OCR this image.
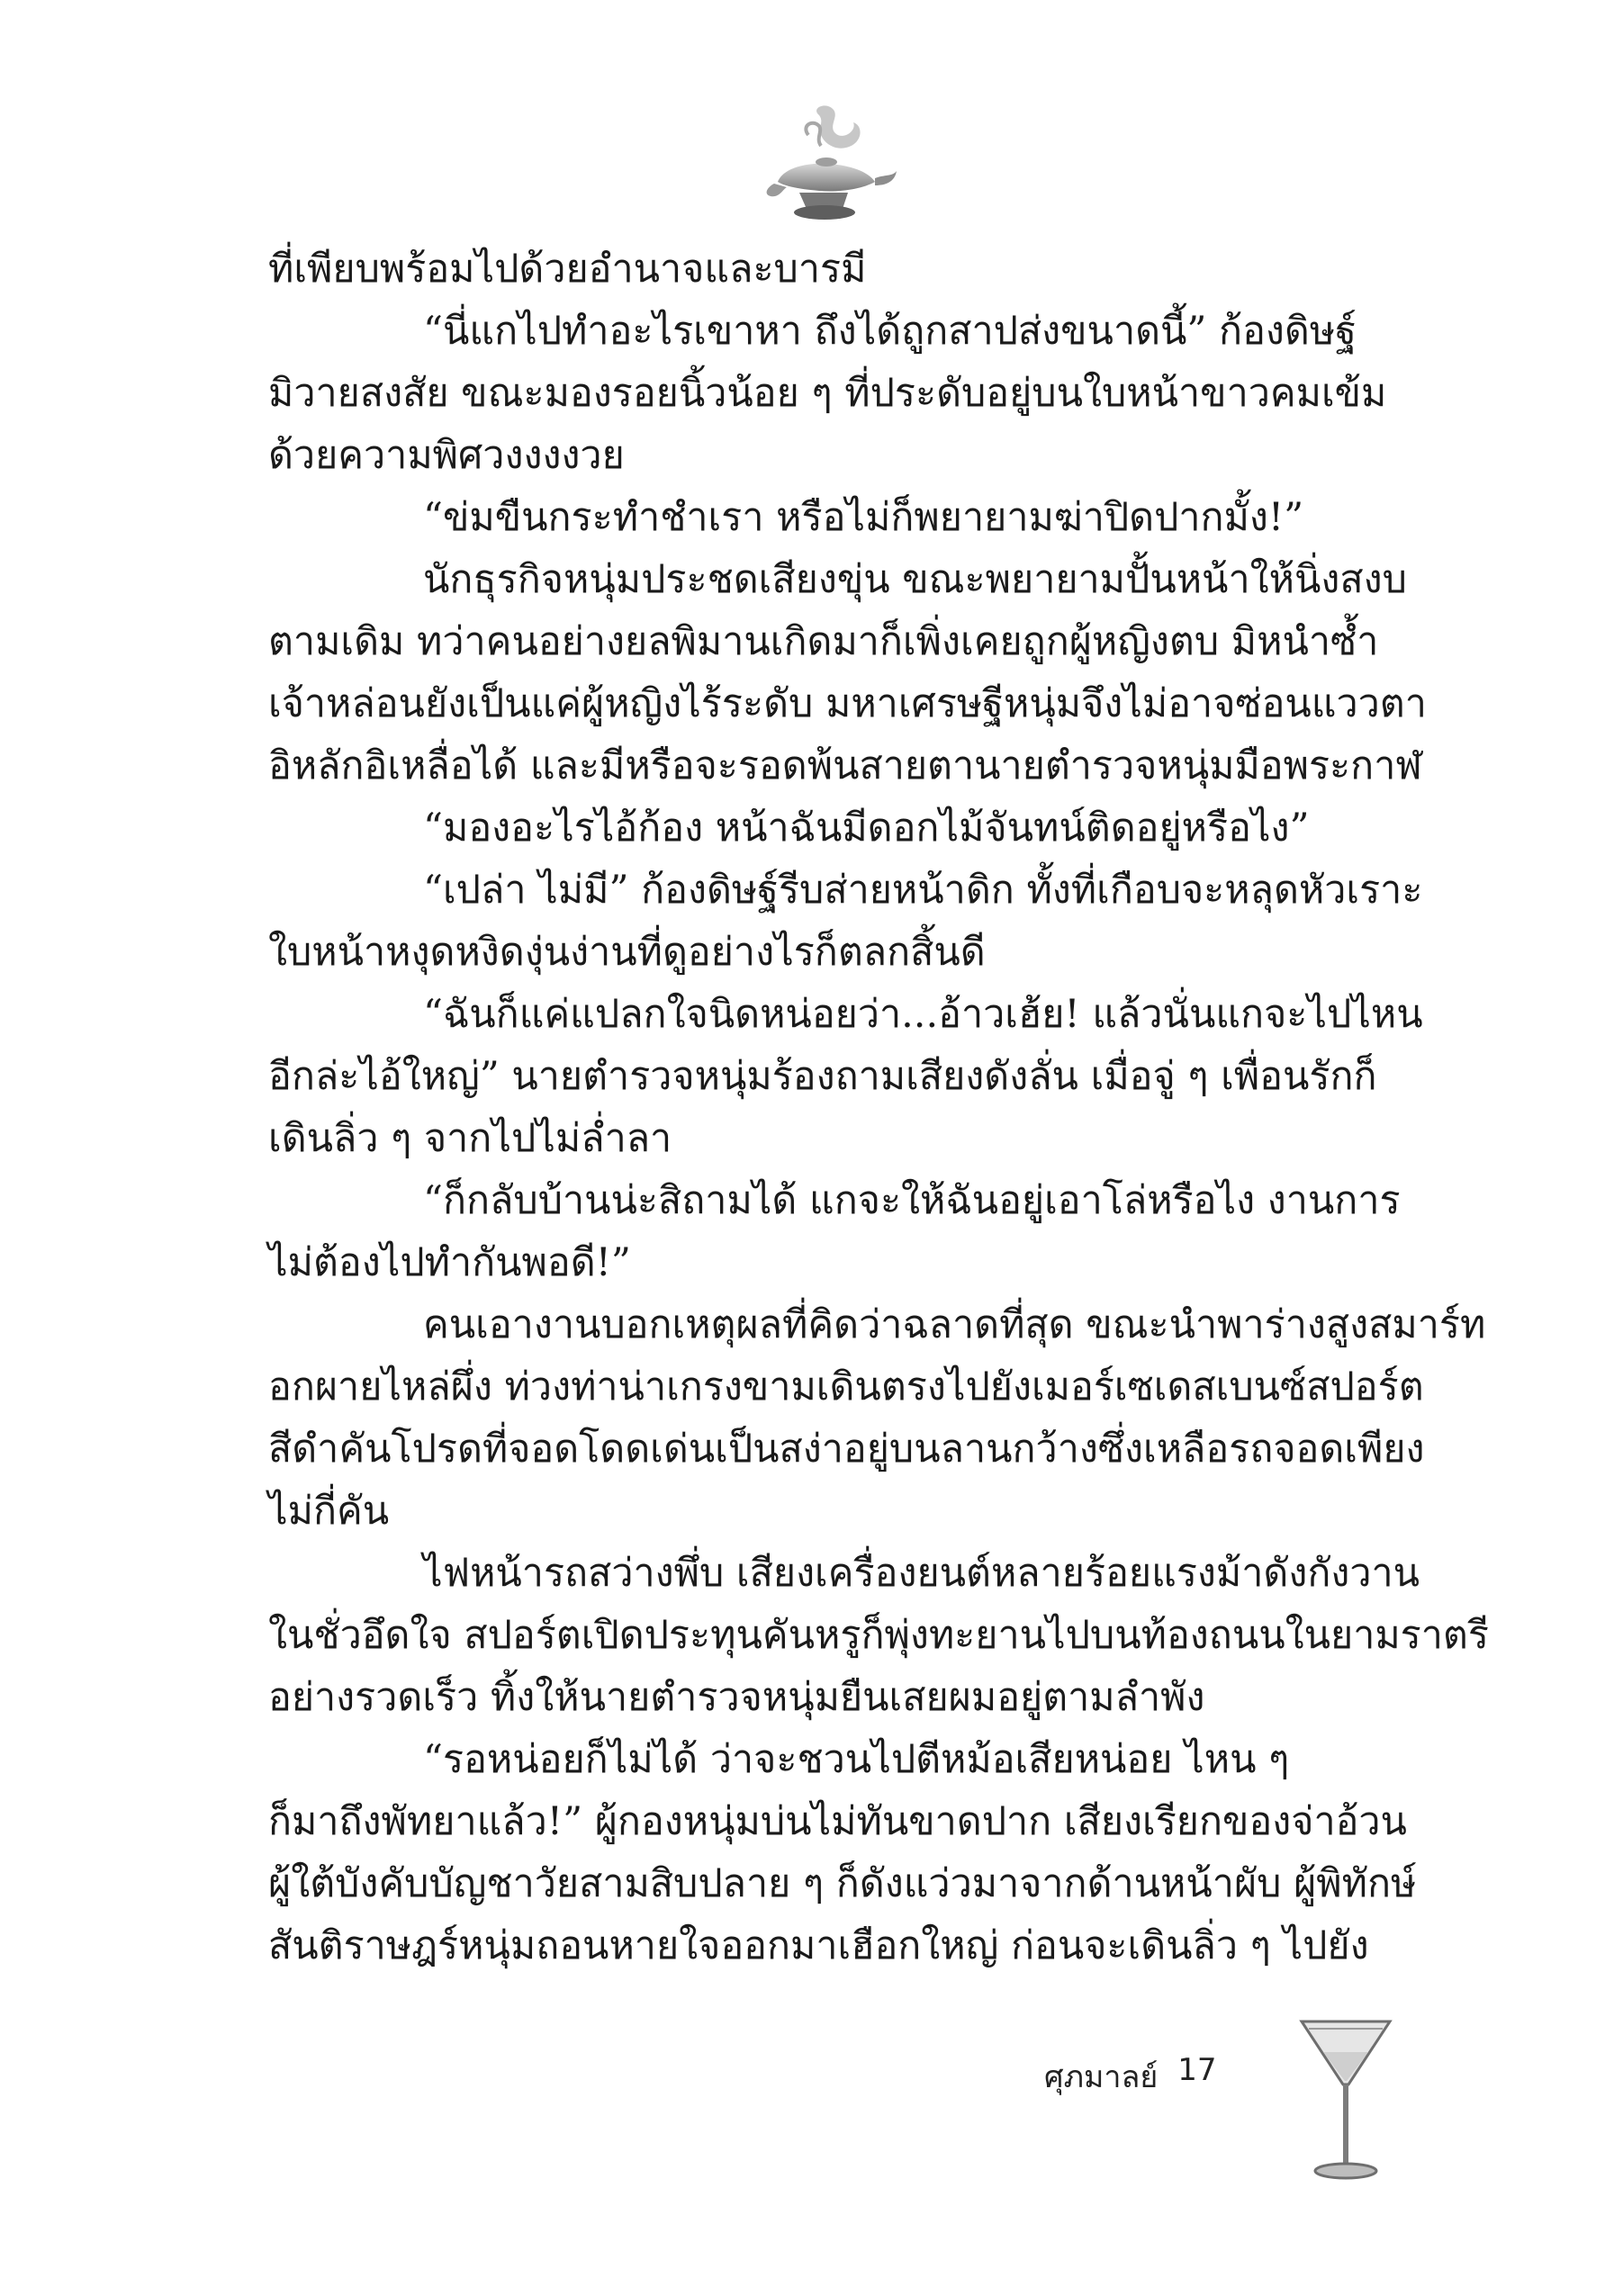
ที่เพียบพร้อมไปด้วยอำนาจและบารมี
“นี่แกไปทำอะไรเขาหา ถึงได้ถูกสาปส่งขนาดนี้” ก้องดิษฐ์
มิวายสงสัย ขณะมองรอยนิ้วน้อย ๆ ที่ประดับอยู่บนใบหน้าขาวคมเข้ม
ด้วยความพิศวงงงงวย
“ข่มขืนกระทำชำเรา หรือไม่ก็พยายามฆ่าปิดปากมั้ง!”
นักธุรกิจหนุ่มประชดเสียงขุ่น ขณะพยายามปั้นหน้าให้นิ่งสงบ
ตามเดิม ทว่าคนอย่างยลพิมานเกิดมาก็เพิ่งเคยถูกผู้หญิงตบ มิหนำซ้ำ
เจ้าหล่อนยังเป็นแค่ผู้หญิงไร้ระดับ มหาเศรษฐีหนุ่มจึงไม่อาจซ่อนแววตา
อิหลักอิเหลื่อได้ และมีหรือจะรอดพ้นสายตานายตำรวจหนุ่มมือพระกาฬ
“มองอะไรไอ้ก้อง หน้าฉันมีดอกไม้จันทน์ติดอยู่หรือไง”
“เปล่า ไม่มี” ก้องดิษฐ์รีบส่ายหน้าดิก ทั้งที่เกือบจะหลุดหัวเราะ
ใบหน้าหงุดหงิดงุ่นง่านที่ดูอย่างไรก็ตลกสิ้นดี
“ฉันก็แค่แปลกใจนิดหน่อยว่า...อ้าวเฮ้ย! แล้วนั่นแกจะไปไหน
อีกล่ะไอ้ใหญ่” นายตำรวจหนุ่มร้องถามเสียงดังลั่น เมื่อจู่ ๆ เพื่อนรักก็
เดินลิ่ว ๆ จากไปไม่ล่ำลา
“ก็กลับบ้านน่ะสิถามได้ แกจะให้ฉันอยู่เอาโล่หรือไง งานการ
ไม่ต้องไปทำกันพอดี!”
คนเอางานบอกเหตุผลที่คิดว่าฉลาดที่สุด ขณะนำพาร่างสูงสมาร์ท
อกผายไหล่ผึ่ง ท่วงท่าน่าเกรงขามเดินตรงไปยังเมอร์เซเดสเบนซ์สปอร์ต
สีดำคันโปรดที่จอดโดดเด่นเป็นสง่าอยู่บนลานกว้างซึ่งเหลือรถจอดเพียง
ไม่กี่คัน
ไฟหน้ารถสว่างพึ่บ เสียงเครื่องยนต์หลายร้อยแรงม้าดังกังวาน
ในชั่วอึดใจ สปอร์ตเปิดประทุนคันหรูก็พุ่งทะยานไปบนท้องถนนในยามราตรี
อย่างรวดเร็ว ทิ้งให้นายตำรวจหนุ่มยืนเสยผมอยู่ตามลำพัง
“รอหน่อยก็ไม่ได้ ว่าจะชวนไปตีหม้อเสียหน่อย ไหน ๆ
ก็มาถึงพัทยาแล้ว!” ผู้กองหนุ่มบ่นไม่ทันขาดปาก เสียงเรียกของจ่าอ้วน
ผู้ใต้บังคับบัญชาวัยสามสิบปลาย ๆ ก็ดังแว่วมาจากด้านหน้าผับ ผู้พิทักษ์
สันติราษฎร์หนุ่มถอนหายใจออกมาเฮือกใหญ่ ก่อนจะเดินลิ่ว ๆ ไปยัง
ศุภมาลย์ 17
